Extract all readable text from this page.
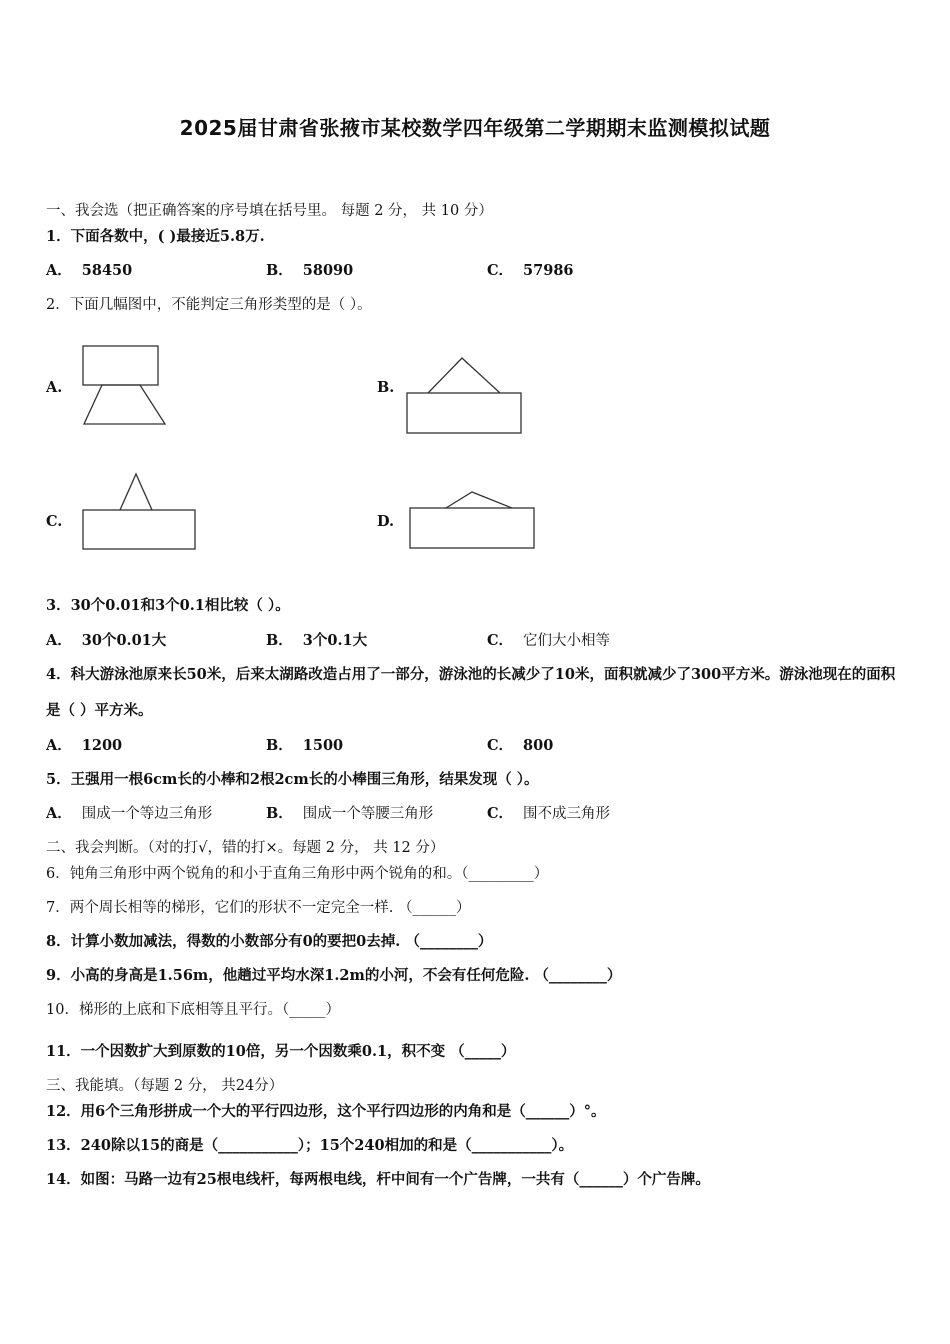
2025届甘肃省张掖市某校数学四年级第二学期期末监测模拟试题
一、我会选（把正确答案的序号填在括号里。 每题 2 分， 共 10 分）
1．下面各数中，( )最接近5.8万.
A． 58450	B． 58090	C． 57986
2．下面几幅图中，不能判定三角形类型的是（ ）。
A.	B.
C.	D.
3．30个0.01和3个0.1相比较（ ）。
A． 30个0.01大	B． 3个0.1大	C． 它们大小相等
4．科大游泳池原来长50米，后来太湖路改造占用了一部分，游泳池的长减少了10米，面积就减少了300平方米。游泳池现在的面积是（ ）平方米。
A． 1200	B． 1500	C． 800
5．王强用一根6cm长的小棒和2根2cm长的小棒围三角形，结果发现（ ）。
A． 围成一个等边三角形	B． 围成一个等腰三角形	C． 围不成三角形
二、我会判断。（对的打√，错的打×。每题 2 分， 共 12 分）
6．钝角三角形中两个锐角的和小于直角三角形中两个锐角的和。（_________）
7．两个周长相等的梯形，它们的形状不一定完全一样. （______）
8．计算小数加减法，得数的小数部分有0的要把0去掉. （________）
9．小高的身高是1.56m，他趟过平均水深1.2m的小河，不会有任何危险. （________）
10．梯形的上底和下底相等且平行。（_____）
11．一个因数扩大到原数的10倍，另一个因数乘0.1，积不变 （_____）
三、我能填。（每题 2 分， 共24分）
12．用6个三角形拼成一个大的平行四边形，这个平行四边形的内角和是（______）°。
13．240除以15的商是（___________）；15个240相加的和是（___________）。
14．如图：马路一边有25根电线杆，每两根电线，杆中间有一个广告牌，一共有（______）个广告牌。
